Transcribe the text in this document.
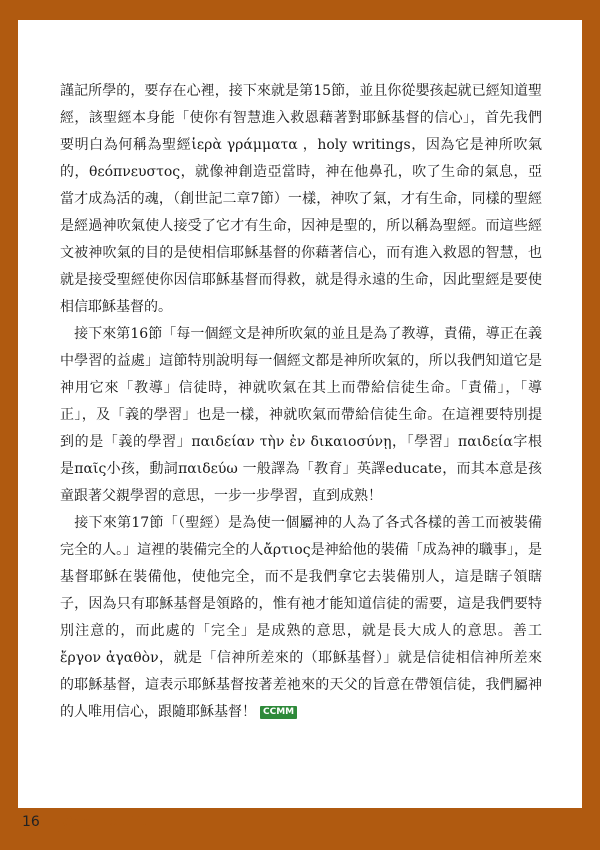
謹記所學的，要存在心裡，接下來就是第15節，並且你從嬰孩起就已經知道聖經，該聖經本身能「使你有智慧進入救恩藉著對耶穌基督的信心」，首先我們要明白為何稱為聖經ἱερὰ γράμματα ，holy writings，因為它是神所吹氣的，θεόπνευστος，就像神創造亞當時，神在他鼻孔，吹了生命的氣息，亞當才成為活的魂，（創世記二章7節）一樣，神吹了氣，才有生命，同樣的聖經是經過神吹氣使人接受了它才有生命，因神是聖的，所以稱為聖經。而這些經文被神吹氣的目的是使相信耶穌基督的你藉著信心，而有進入救恩的智慧，也就是接受聖經使你因信耶穌基督而得救，就是得永遠的生命，因此聖經是要使相信耶穌基督的。

　接下來第16節「每一個經文是神所吹氣的並且是為了教導，責備，導正在義中學習的益處」這節特別說明每一個經文都是神所吹氣的，所以我們知道它是神用它來「教導」信徒時，神就吹氣在其上而帶給信徒生命。「責備」，「導正」，及「義的學習」也是一樣，神就吹氣而帶給信徒生命。在這裡要特別提到的是「義的學習」παιδείαν τὴν ἐν δικαιοσύνῃ，「學習」παιδεία字根是παῖς小孩，動詞παιδεύω 一般譯為「教育」英譯educate，而其本意是孩童跟著父親學習的意思，一步一步學習，直到成熟！

　接下來第17節「（聖經）是為使一個屬神的人為了各式各樣的善工而被裝備完全的人。」這裡的裝備完全的人ἄρτιος是神給他的裝備「成為神的職事」，是基督耶穌在裝備他，使他完全，而不是我們拿它去裝備別人，這是瞎子領瞎子，因為只有耶穌基督是領路的，惟有祂才能知道信徒的需要，這是我們要特別注意的，而此處的「完全」是成熟的意思，就是長大成人的意思。善工ἔργον ἀγαθὸν，就是「信神所差來的（耶穌基督）」就是信徒相信神所差來的耶穌基督，這表示耶穌基督按著差祂來的天父的旨意在帶領信徒，我們屬神的人唯用信心，跟隨耶穌基督！ CCMM

16 路加 No.371
